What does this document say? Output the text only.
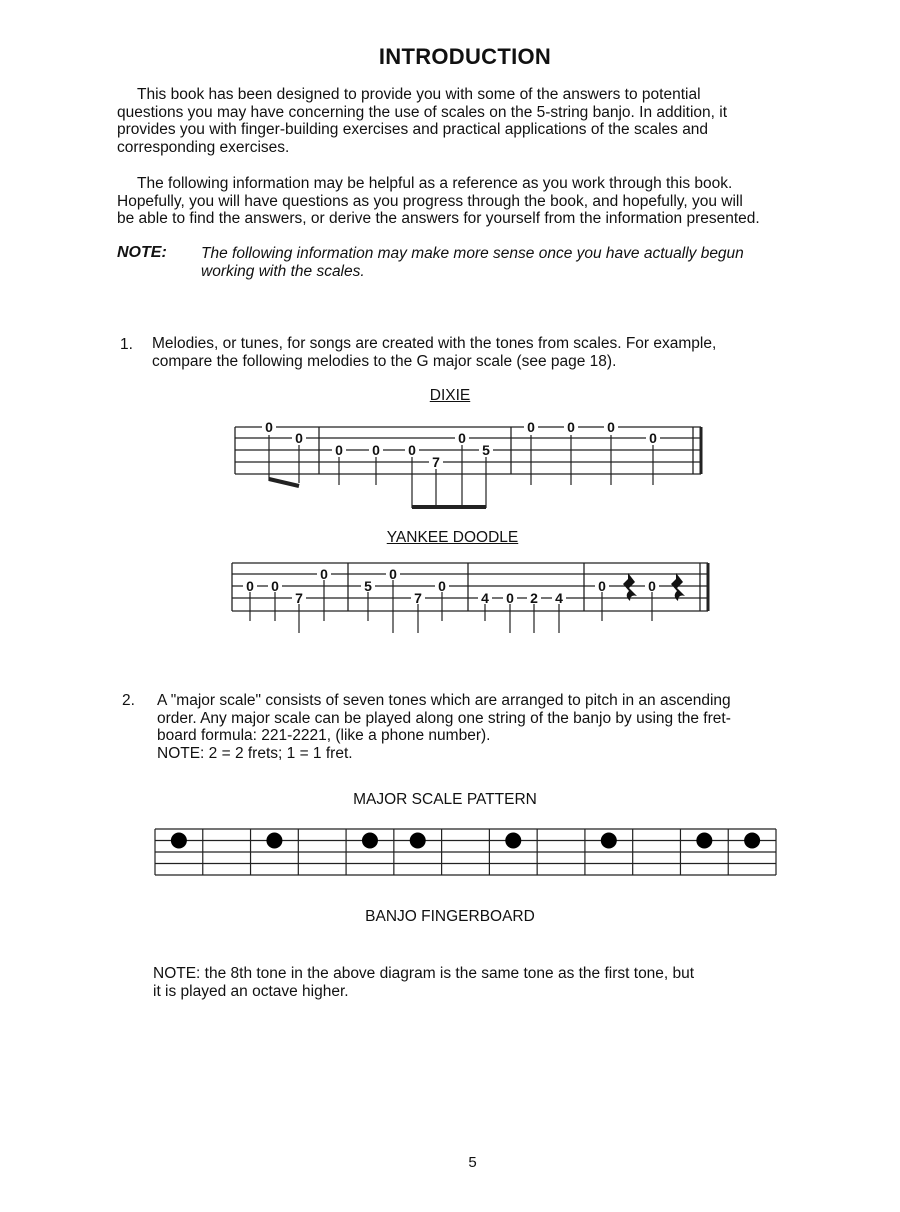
INTRODUCTION
This book has been designed to provide you with some of the answers to potential
questions you may have concerning the use of scales on the 5-string banjo. In addition, it
provides you with finger-building exercises and practical applications of the scales and
corresponding exercises.
The following information may be helpful as a reference as you work through this book.
Hopefully, you will have questions as you progress through the book, and hopefully, you will
be able to find the answers, or derive the answers for yourself from the information presented.
NOTE: The following information may make more sense once you have actually begun
working with the scales.
1. Melodies, or tunes, for songs are created with the tones from scales. For example,
compare the following melodies to the G major scale (see page 18).
DIXIE
0
0
0 0 0
7
0
5
0 0 0
0
YANKEE DOODLE
0 0
7
0
5
0
7
0
4 0 2 4
0	0
2. A "major scale" consists of seven tones which are arranged to pitch in an ascending
order. Any major scale can be played along one string of the banjo by using the fret-
board formula: 221-2221, (like a phone number).
NOTE: 2 = 2 frets; 1 = 1 fret.
MAJOR SCALE PATTERN
BANJO FINGERBOARD
NOTE: the 8th tone in the above diagram is the same tone as the first tone, but
it is played an octave higher.
5
